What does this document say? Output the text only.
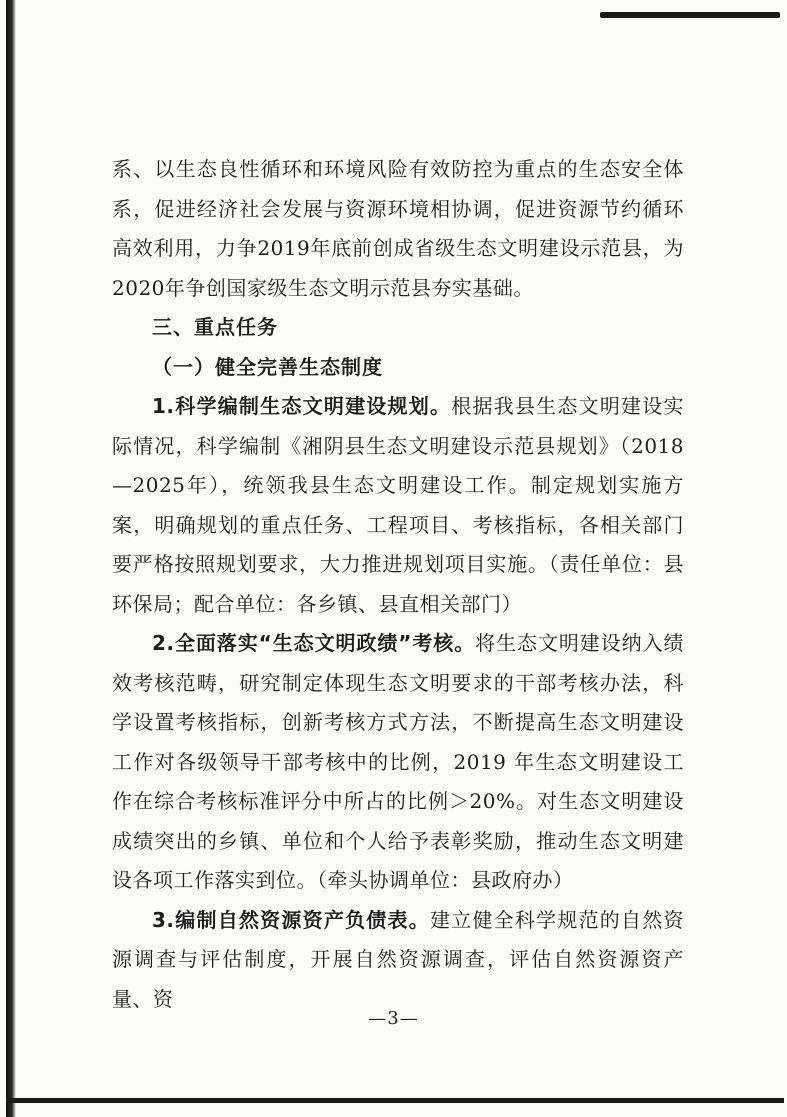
系、以生态良性循环和环境风险有效防控为重点的生态安全体系，促进经济社会发展与资源环境相协调，促进资源节约循环高效利用，力争2019年底前创成省级生态文明建设示范县，为2020年争创国家级生态文明示范县夯实基础。

三、重点任务

（一）健全完善生态制度

1.科学编制生态文明建设规划。根据我县生态文明建设实际情况，科学编制《湘阴县生态文明建设示范县规划》（2018—2025年），统领我县生态文明建设工作。制定规划实施方案，明确规划的重点任务、工程项目、考核指标，各相关部门要严格按照规划要求，大力推进规划项目实施。（责任单位：县环保局；配合单位：各乡镇、县直相关部门）

2.全面落实“生态文明政绩”考核。将生态文明建设纳入绩效考核范畴，研究制定体现生态文明要求的干部考核办法，科学设置考核指标，创新考核方式方法，不断提高生态文明建设工作对各级领导干部考核中的比例，2019 年生态文明建设工作在综合考核标准评分中所占的比例＞20%。对生态文明建设成绩突出的乡镇、单位和个人给予表彰奖励，推动生态文明建设各项工作落实到位。（牵头协调单位：县政府办）

3.编制自然资源资产负债表。建立健全科学规范的自然资源调查与评估制度，开展自然资源调查，评估自然资源资产量、资

—3—
